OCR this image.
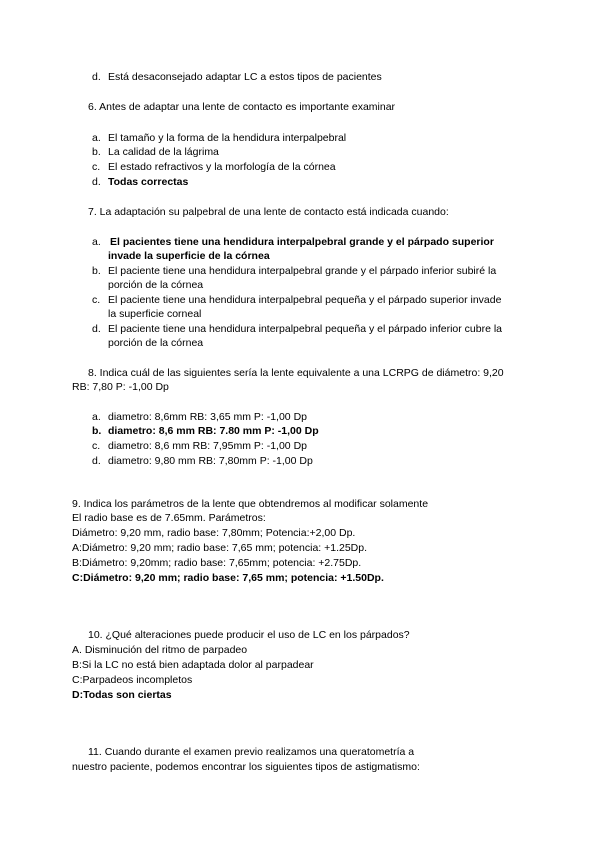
d. Está desaconsejado adaptar LC a estos tipos de pacientes
6. Antes de adaptar una lente de contacto es importante examinar
a. El tamaño y la forma de la hendidura interpalpebral
b. La calidad de la lágrima
c. El estado refractivos y la morfología de la córnea
d. Todas correctas
7. La adaptación su palpebral de una lente de contacto está indicada cuando:
a. El pacientes tiene una hendidura interpalpebral grande y el párpado superior
invade la superficie de la córnea
b. El paciente tiene una hendidura interpalpebral grande y el párpado inferior subiré la
porción de la córnea
c. El paciente tiene una hendidura interpalpebral pequeña y el párpado superior invade
la superficie corneal
d. El paciente tiene una hendidura interpalpebral pequeña y el párpado inferior cubre la
porción de la córnea
8. Indica cuál de las siguientes sería la lente equivalente a una LCRPG de diámetro: 9,20
RB: 7,80 P: -1,00 Dp
a. diametro: 8,6mm RB: 3,65 mm P: -1,00 Dp
b. diametro: 8,6 mm RB: 7.80 mm P: -1,00 Dp
c. diametro: 8,6 mm RB: 7,95mm P: -1,00 Dp
d. diametro: 9,80 mm RB: 7,80mm P: -1,00 Dp
9. Indica los parámetros de la lente que obtendremos al modificar solamente
El radio base es de 7.65mm. Parámetros:
Diámetro: 9,20 mm, radio base: 7,80mm; Potencia:+2,00 Dp.
A:Diámetro: 9,20 mm; radio base: 7,65 mm; potencia: +1.25Dp.
B:Diámetro: 9,20mm; radio base: 7,65mm; potencia: +2.75Dp.
C:Diámetro: 9,20 mm; radio base: 7,65 mm; potencia: +1.50Dp.
10. ¿Qué alteraciones puede producir el uso de LC en los párpados?
A. Disminución del ritmo de parpadeo
B:Si la LC no está bien adaptada dolor al parpadear
C:Parpadeos incompletos
D:Todas son ciertas
11. Cuando durante el examen previo realizamos una queratometría a
nuestro paciente, podemos encontrar los siguientes tipos de astigmatismo:
